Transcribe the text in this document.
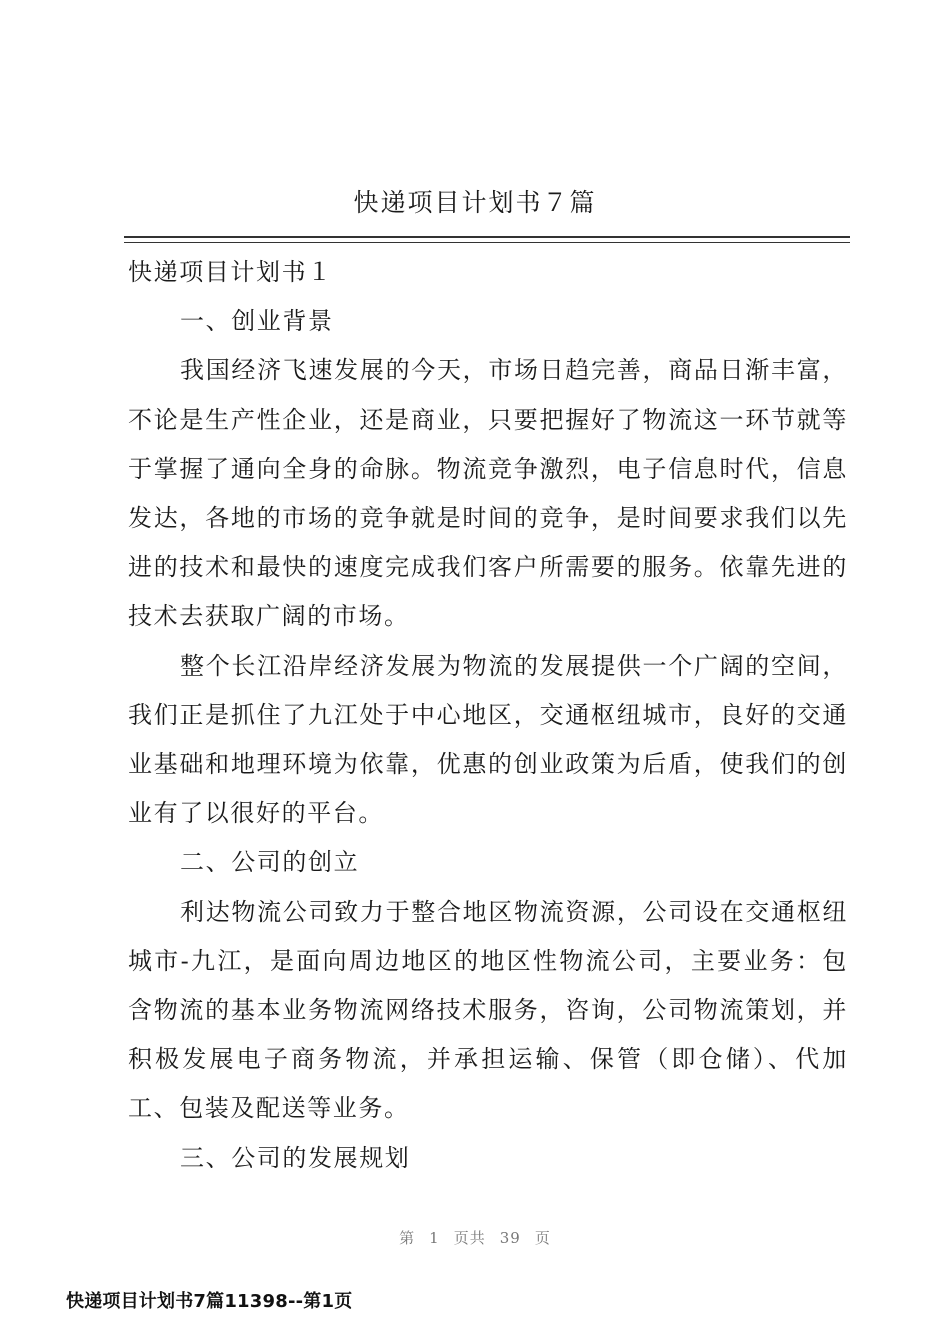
快递项目计划书７篇

快递项目计划书１

一、创业背景

我国经济飞速发展的今天，市场日趋完善，商品日渐丰富，不论是生产性企业，还是商业，只要把握好了物流这一环节就等于掌握了通向全身的命脉。物流竞争激烈，电子信息时代，信息发达，各地的市场的竞争就是时间的竞争，是时间要求我们以先进的技术和最快的速度完成我们客户所需要的服务。依靠先进的技术去获取广阔的市场。

整个长江沿岸经济发展为物流的发展提供一个广阔的空间，我们正是抓住了九江处于中心地区，交通枢纽城市，良好的交通业基础和地理环境为依靠，优惠的创业政策为后盾，使我们的创业有了以很好的平台。

二、公司的创立

利达物流公司致力于整合地区物流资源，公司设在交通枢纽城市-九江，是面向周边地区的地区性物流公司，主要业务：包含物流的基本业务物流网络技术服务，咨询，公司物流策划，并积极发展电子商务物流，并承担运输、保管（即仓储）、代加工、包装及配送等业务。

三、公司的发展规划

第 1 页共 39 页
快递项目计划书7篇11398--第1页
